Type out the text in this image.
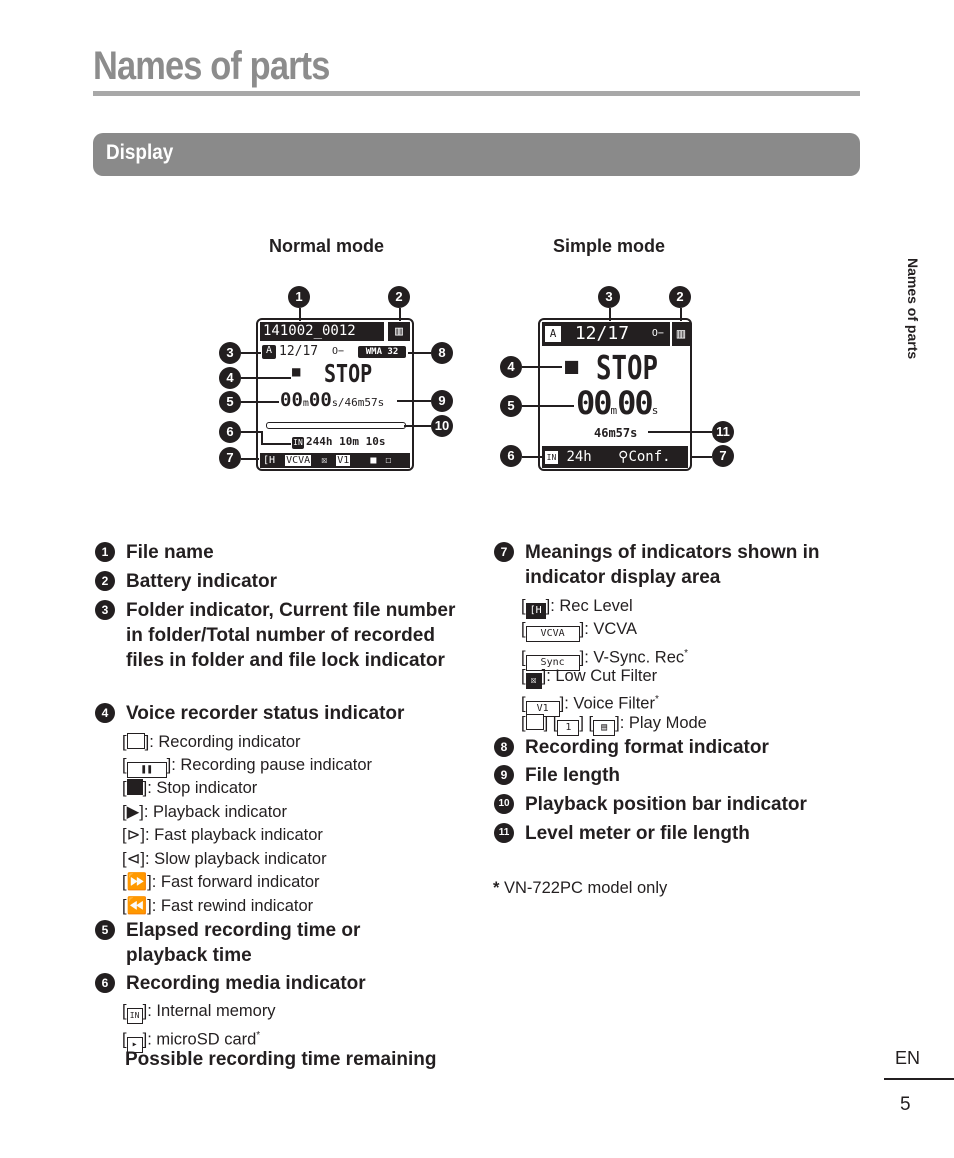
Names of parts
Display
Names of parts
Normal mode	Simple mode
141002_0012	▥
A 12/17 O−	WMA 32
■ STOP
00m00s/46m57s
IN 244h 10m 10s
[H VCVA ☒ V1 ■ ☐
1	2
3	8
4
5	9
6	10
7
A 12/17 O− ▥
■ STOP
00m00s
46m57s
IN 24h ⚲Conf.
3	2
4
5
11
6	7
1 File name
2 Battery indicator
3 Folder indicator, Current file number in folder/Total number of recorded files in folder and file lock indicator
4 Voice recorder status indicator
[ ]: Recording indicator
[ ❚❚ ]: Recording pause indicator
[ ]: Stop indicator
[▶]: Playback indicator
[⊳]: Fast playback indicator
[⊲]: Slow playback indicator
[⏩]: Fast forward indicator
[⏪]: Fast rewind indicator
5 Elapsed recording time or playback time
6 Recording media indicator
[ IN ]: Internal memory
[ ▸ ]: microSD card*
Possible recording time remaining
7 Meanings of indicators shown in indicator display area
[ [H ]: Rec Level
[ VCVA ]: VCVA
[ Sync ]: V-Sync. Rec*
[ ☒ ]: Low Cut Filter
[ V1 ]: Voice Filter*
[ ] [ 1 ] [ ▤ ]: Play Mode
8 Recording format indicator
9 File length
10 Playback position bar indicator
11 Level meter or file length
* VN-722PC model only
EN
5
